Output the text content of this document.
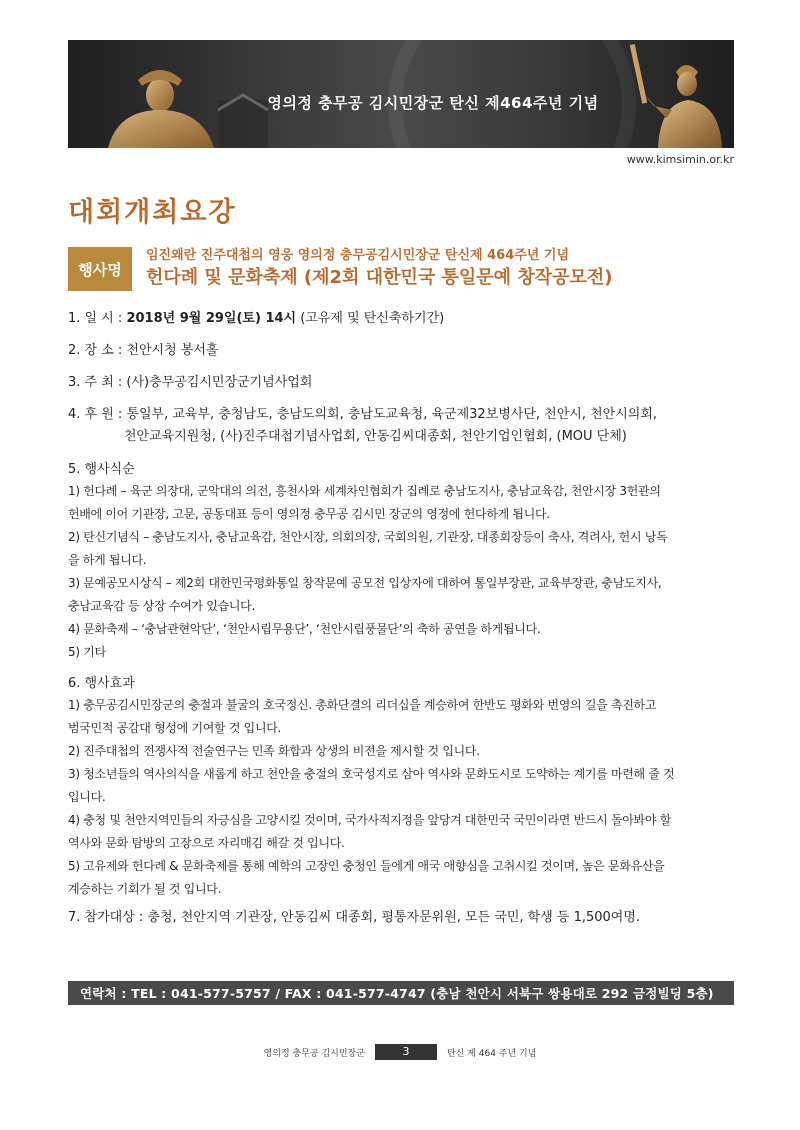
영의정 충무공 김시민장군 탄신 제464주년 기념
www.kimsimin.or.kr
대회개최요강
행사명
임진왜란 진주대첩의 영웅 영의정 충무공김시민장군 탄신제 464주년 기념
헌다례 및 문화축제 (제2회 대한민국 통일문예 창작공모전)

1. 일 시 : 2018년 9월 29일(토) 14시 (고유제 및 탄신축하기간)

2. 장 소 : 천안시청 봉서홀

3. 주 최 : (사)충무공김시민장군기념사업회

4. 후 원 : 통일부, 교육부, 충청남도, 충남도의회, 충남도교육청, 육군제32보병사단, 천안시, 천안시의회,

천안교육지원청, (사)진주대첩기념사업회, 안동김씨대종회, 천안기업인협회, (MOU 단체)

5. 행사식순

1) 헌다례 – 육군 의장대, 군악대의 의전, 흥천사와 세계차인협회가 집례로 충남도지사, 충남교육감, 천안시장 3헌관의

헌배에 이어 기관장, 고문, 공동대표 등이 영의정 충무공 김시민 장군의 영정에 헌다하게 됩니다.

2) 탄신기념식 – 충남도지사, 충남교육감, 천안시장, 의회의장, 국회의원, 기관장, 대종회장등이 축사, 격려사, 헌시 낭독

을 하게 됩니다.

3) 문예공모시상식 – 제2회 대한민국평화통일 창작문예 공모전 입상자에 대하여 통일부장관, 교육부장관, 충남도지사,

충남교육감 등 상장 수여가 있습니다.

4) 문화축제 – ‘충남관현악단’, ‘천안시립무용단’, ‘천안시립풍물단’의 축하 공연을 하게됩니다.

5) 기타

6. 행사효과

1) 충무공김시민장군의 충절과 불굴의 호국정신. 총화단결의 리더십을 계승하여 한반도 평화와 번영의 길을 촉진하고

범국민적 공감대 형성에 기여할 것 입니다.

2) 진주대첩의 전쟁사적 전술연구는 민족 화합과 상생의 비전을 제시할 것 입니다.

3) 청소년들의 역사의식을 새롭게 하고 천안을 충절의 호국성지로 삼아 역사와 문화도시로 도약하는 계기를 마련해 줄 것

입니다.

4) 충청 및 천안지역민들의 자긍심을 고양시킬 것이며, 국가사적지정을 앞당겨 대한민국 국민이라면 반드시 돌아봐야 할

역사와 문화 탐방의 고장으로 자리매김 해갈 것 입니다.

5) 고유제와 헌다례 & 문화축제를 통해 예학의 고장인 충청인 들에게 애국 애향심을 고취시킬 것이며, 높은 문화유산을

계승하는 기회가 될 것 입니다.

7. 참가대상 : 충청, 천안지역 기관장, 안동김씨 대종회, 평통자문위원, 모든 국민, 학생 등 1,500여명.

연락처 : TEL : 041-577-5757 / FAX : 041-577-4747 (충남 천안시 서북구 쌍용대로 292 금정빌딩 5층)
영의정 충무공 김시민장군	3	탄신 제 464 주년 기념
